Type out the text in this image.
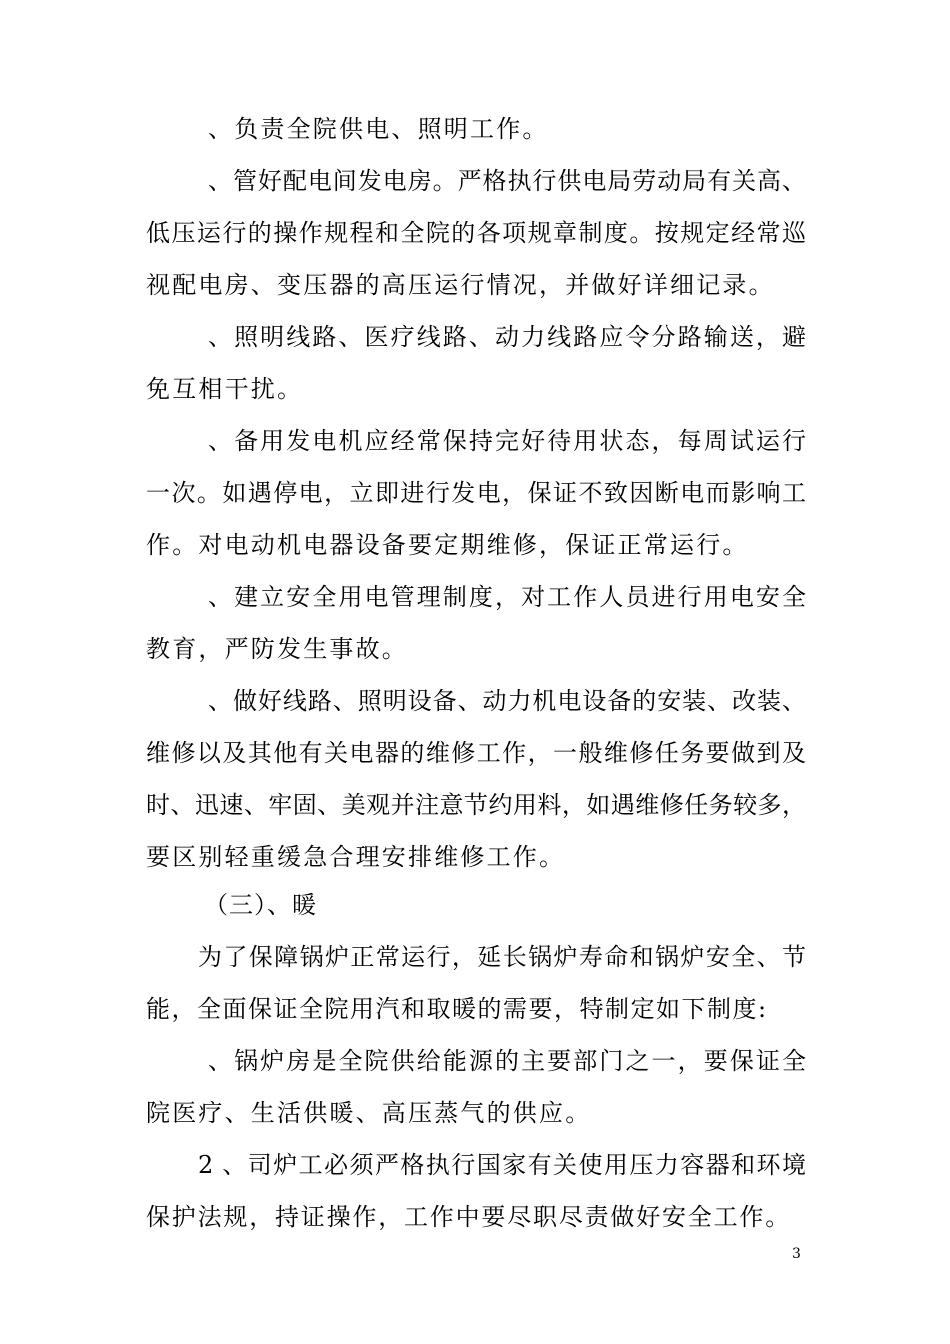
、负责全院供电、照明工作。
、管好配电间发电房。严格执行供电局劳动局有关高、
低压运行的操作规程和全院的各项规章制度。按规定经常巡
视配电房、变压器的高压运行情况，并做好详细记录。
、照明线路、医疗线路、动力线路应令分路输送，避
免互相干扰。
、备用发电机应经常保持完好待用状态，每周试运行
一次。如遇停电，立即进行发电，保证不致因断电而影响工
作。对电动机电器设备要定期维修，保证正常运行。
、建立安全用电管理制度，对工作人员进行用电安全
教育，严防发生事故。
、做好线路、照明设备、动力机电设备的安装、改装、
维修以及其他有关电器的维修工作，一般维修任务要做到及
时、迅速、牢固、美观并注意节约用料，如遇维修任务较多，
要区别轻重缓急合理安排维修工作。
（三）、暖
为了保障锅炉正常运行，延长锅炉寿命和锅炉安全、节
能，全面保证全院用汽和取暖的需要，特制定如下制度:
、锅炉房是全院供给能源的主要部门之一，要保证全
院医疗、生活供暖、高压蒸气的供应。
2 、司炉工必须严格执行国家有关使用压力容器和环境
保护法规，持证操作，工作中要尽职尽责做好安全工作。
3
